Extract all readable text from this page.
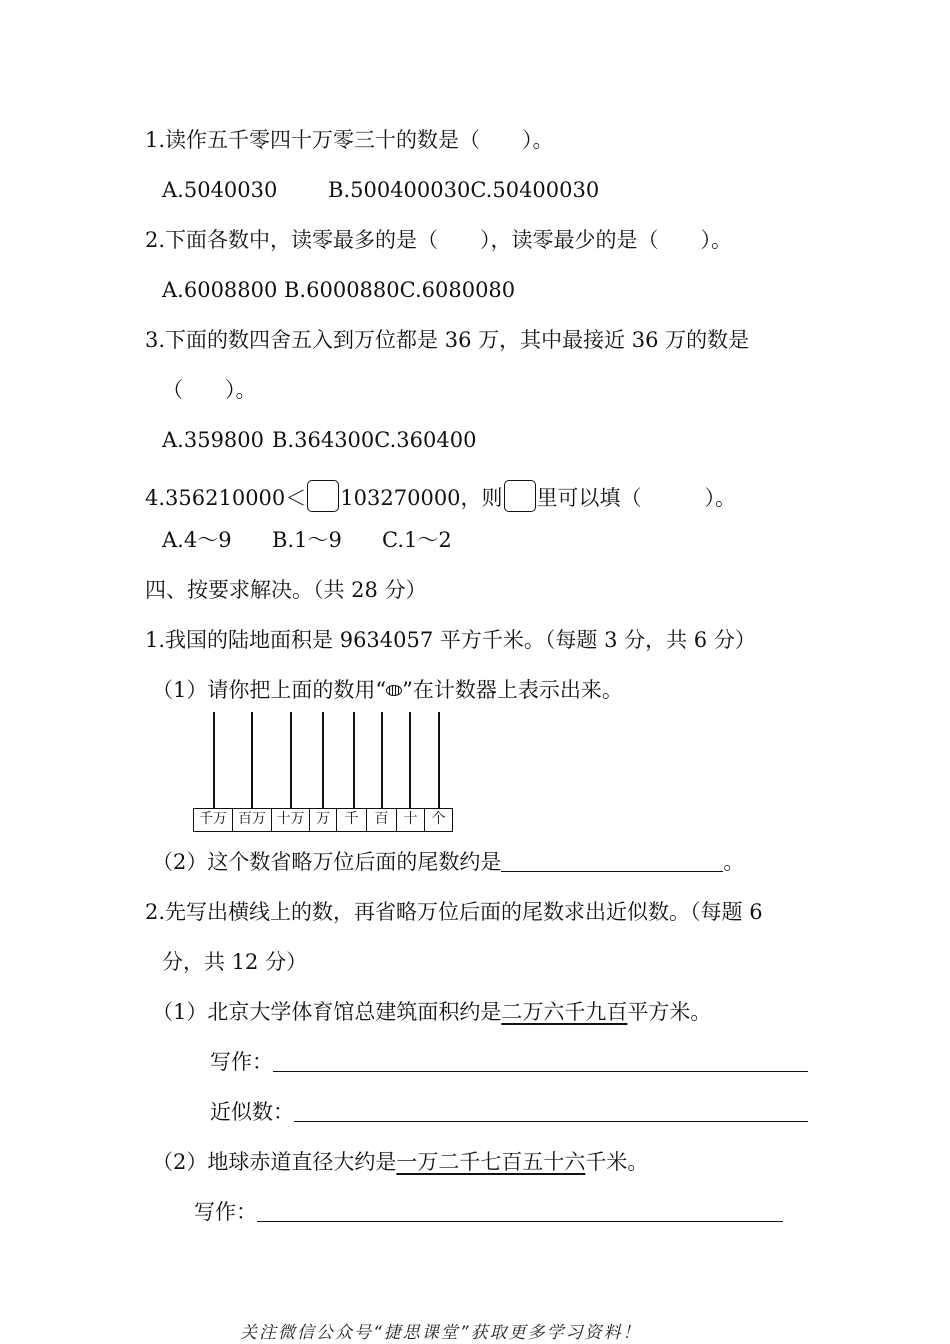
1.读作五千零四十万零三十的数是（　　）。
A.5040030 B.500400030C.50400030
2.下面各数中，读零最多的是（　　），读零最少的是（　　）。
A.6008800 B.6000880C.6080080
3.下面的数四舍五入到万位都是 36 万，其中最接近 36 万的数是
（　　）。
A.359800 B.364300C.360400
4.356210000＜ 103270000，则 里可以填（　　　）。
A.4～9 B.1～9 C.1～2
四、按要求解决。（共 28 分）
1.我国的陆地面积是 9634057 平方千米。（每题 3 分，共 6 分）
（1）请你把上面的数用“ ”在计数器上表示出来。
千万 百万 十万 万	千	百	十	个
（2）这个数省略万位后面的尾数约是	。
2.先写出横线上的数，再省略万位后面的尾数求出近似数。（每题 6
分，共 12 分）
（1）北京大学体育馆总建筑面积约是二万六千九百平方米。
写作：
近似数：
（2）地球赤道直径大约是一万二千七百五十六千米。
写作：
关注微信公众号“捷思课堂”获取更多学习资料！
